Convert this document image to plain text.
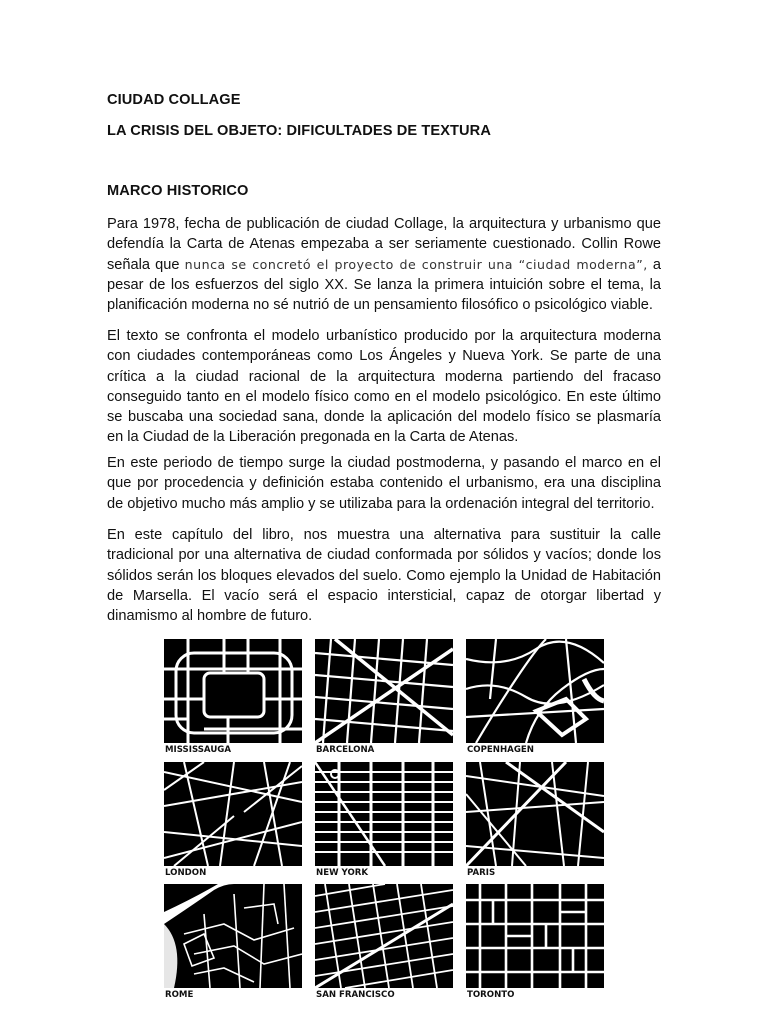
CIUDAD COLLAGE
LA CRISIS DEL OBJETO: DIFICULTADES DE TEXTURA
MARCO HISTORICO

Para 1978, fecha de publicación de ciudad Collage, la arquitectura y urbanismo que defendía la Carta de Atenas empezaba a ser seriamente cuestionado. Collin Rowe señala que nunca se concretó el proyecto de construir una “ciudad moderna”, a pesar de los esfuerzos del siglo XX. Se lanza la primera intuición sobre el tema, la planificación moderna no sé nutrió de un pensamiento filosófico o psicológico viable.

El texto se confronta el modelo urbanístico producido por la arquitectura moderna con ciudades contemporáneas como Los Ángeles y Nueva York. Se parte de una crítica a la ciudad racional de la arquitectura moderna partiendo del fracaso conseguido tanto en el modelo físico como en el modelo psicológico. En este último se buscaba una sociedad sana, donde la aplicación del modelo físico se plasmaría en la Ciudad de la Liberación pregonada en la Carta de Atenas.

En este periodo de tiempo surge la ciudad postmoderna, y pasando el marco en el que por procedencia y definición estaba contenido el urbanismo, era una disciplina de objetivo mucho más amplio y se utilizaba para la ordenación integral del territorio.

En este capítulo del libro, nos muestra una alternativa para sustituir la calle tradicional por una alternativa de ciudad conformada por sólidos y vacíos; donde los sólidos serán los bloques elevados del suelo. Como ejemplo la Unidad de Habitación de Marsella. El vacío será el espacio intersticial, capaz de otorgar libertad y dinamismo al hombre de futuro.

MISSISSAUGA	BARCELONA	COPENHAGEN
LONDON	NEW YORK	PARIS
ROME	SAN FRANCISCO	TORONTO
